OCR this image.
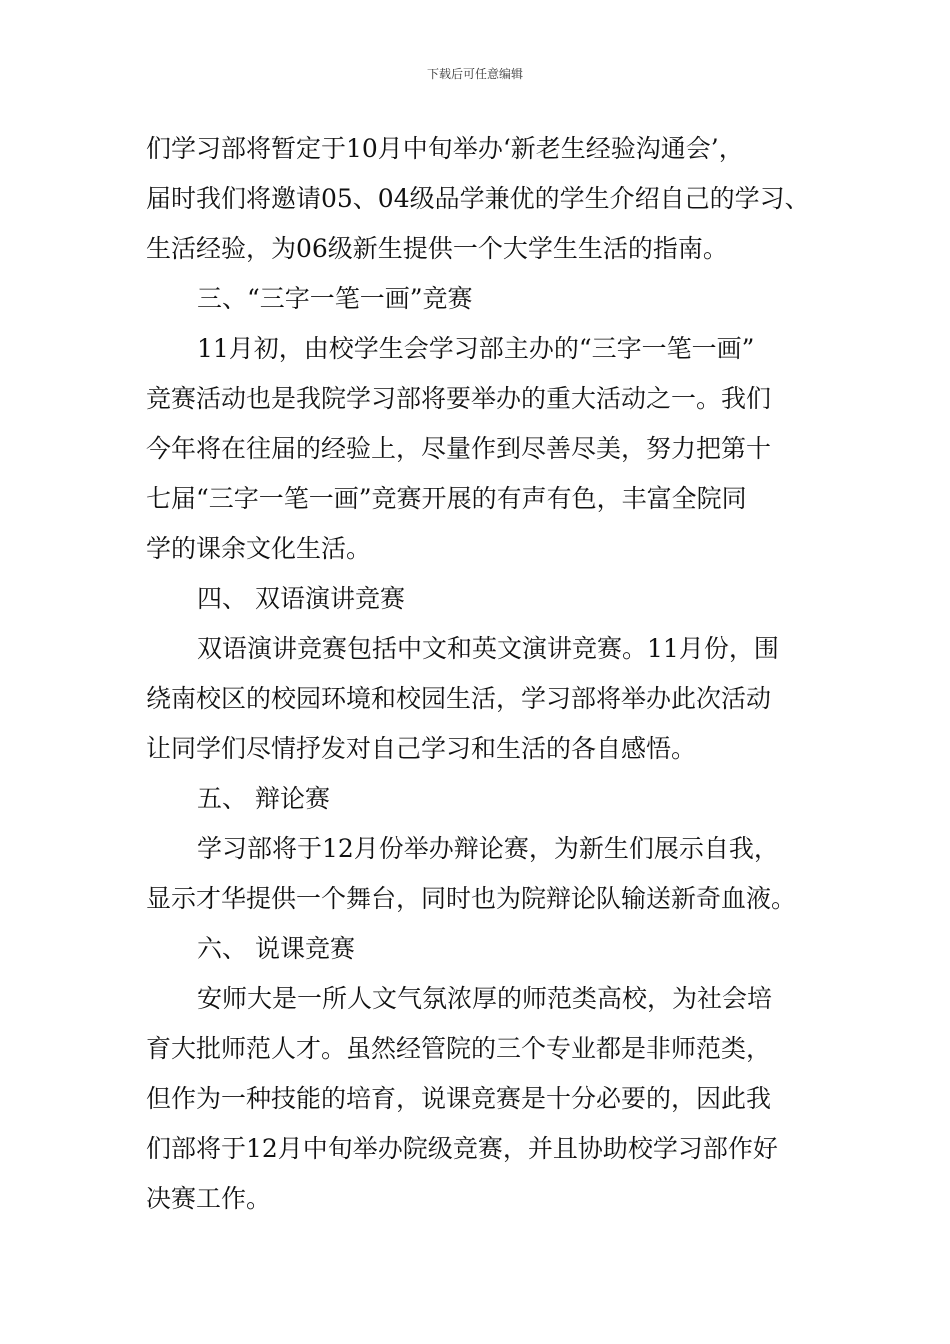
下载后可任意编辑
们学习部将暂定于10月中旬举办‘新老生经验沟通会’，
届时我们将邀请05、04级品学兼优的学生介绍自己的学习、
生活经验，为06级新生提供一个大学生生活的指南。
三、“三字一笔一画”竞赛
11月初，由校学生会学习部主办的“三字一笔一画”
竞赛活动也是我院学习部将要举办的重大活动之一。我们
今年将在往届的经验上，尽量作到尽善尽美，努力把第十
七届“三字一笔一画”竞赛开展的有声有色，丰富全院同
学的课余文化生活。
四、 双语演讲竞赛
双语演讲竞赛包括中文和英文演讲竞赛。11月份，围
绕南校区的校园环境和校园生活，学习部将举办此次活动
让同学们尽情抒发对自己学习和生活的各自感悟。
五、 辩论赛
学习部将于12月份举办辩论赛，为新生们展示自我，
显示才华提供一个舞台，同时也为院辩论队输送新奇血液。
六、 说课竞赛
安师大是一所人文气氛浓厚的师范类高校，为社会培
育大批师范人才。虽然经管院的三个专业都是非师范类，
但作为一种技能的培育，说课竞赛是十分必要的，因此我
们部将于12月中旬举办院级竞赛，并且协助校学习部作好
决赛工作。
